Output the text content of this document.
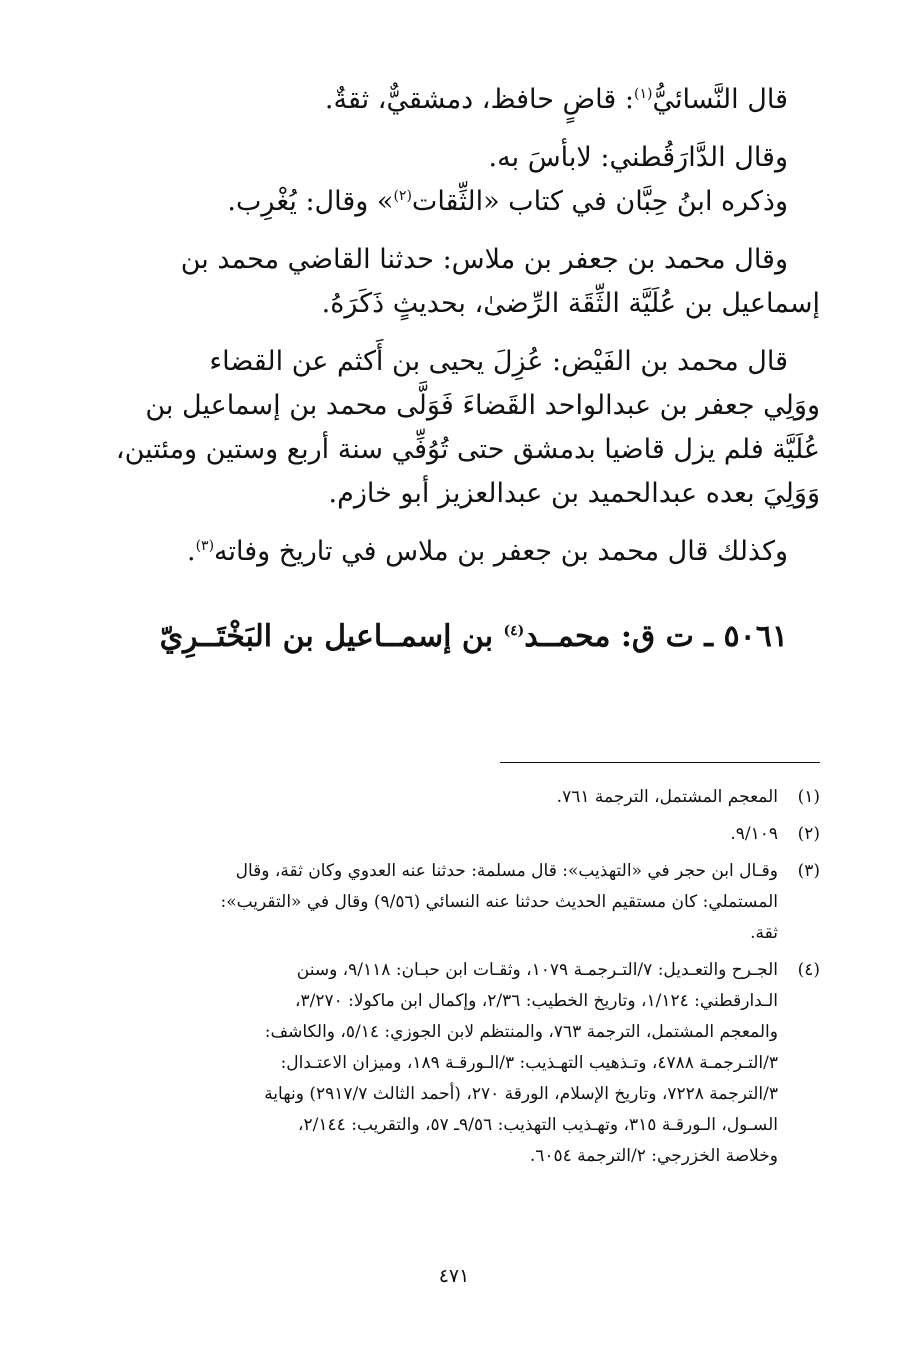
قال النَّسائيُّ$^{(١)}$: قاضٍ حافظ، دمشقيٌّ، ثقةٌ.
وقال الدَّارَقُطني: لابأسَ به.
وذكره ابنُ حِبَّان في كتاب «الثِّقات$^{(٢)}$» وقال: يُغْرِب.
وقال محمد بن جعفر بن ملاس: حدثنا القاضي محمد بن
إسماعيل بن عُلَيَّة الثِّقَة الرِّضىٰ، بحديثٍ ذَكَرَهُ.
قال محمد بن الفَيْض: عُزِلَ يحيى بن أَكثم عن القضاء
ووَلِي جعفر بن عبدالواحد القَضاءَ فَوَلَّى محمد بن إسماعيل بن
عُلَيَّة فلم يزل قاضيا بدمشق حتى تُوُفِّي سنة أربع وستين ومئتين،
وَوَلِيَ بعده عبدالحميد بن عبدالعزيز أبو خازم.
وكذلك قال محمد بن جعفر بن ملاس في تاريخ وفاته$^{(٣)}$.
٥٠٦١ ـ ت ق: محمــد$^{(٤)}$ بن إسمــاعيل بن البَخْتَــرِيّ
(١)
المعجم المشتمل، الترجمة ٧٦١.
(٢)
٩/١٠٩.
(٣)
وقـال ابن حجر في «التهذيب»: قال مسلمة: حدثنا عنه العدوي وكان ثقة، وقال
المستملي: كان مستقيم الحديث حدثنا عنه النسائي (٩/٥٦) وقال في «التقريب»:
ثقة.
(٤)
الجـرح والتعـديل: ٧/التـرجمـة ١٠٧٩، وثقـات ابن حبـان: ٩/١١٨، وسنن
الـدارقطني: ١/١٢٤، وتاريخ الخطيب: ٢/٣٦، وإكمال ابن ماكولا: ٣/٢٧٠،
والمعجم المشتمل، الترجمة ٧٦٣، والمنتظم لابن الجوزي: ٥/١٤، والكاشف:
٣/التـرجمـة ٤٧٨٨، وتـذهيب التهـذيب: ٣/الـورقـة ١٨٩، وميزان الاعتـدال:
٣/الترجمة ٧٢٢٨، وتاريخ الإسلام، الورقة ٢٧٠، (أحمد الثالث ٢٩١٧/٧) ونهاية
السـول، الـورقـة ٣١٥، وتهـذيب التهذيب: ٩/٥٦ـ ٥٧، والتقريب: ٢/١٤٤،
وخلاصة الخزرجي: ٢/الترجمة ٦٠٥٤.
٤٧١
